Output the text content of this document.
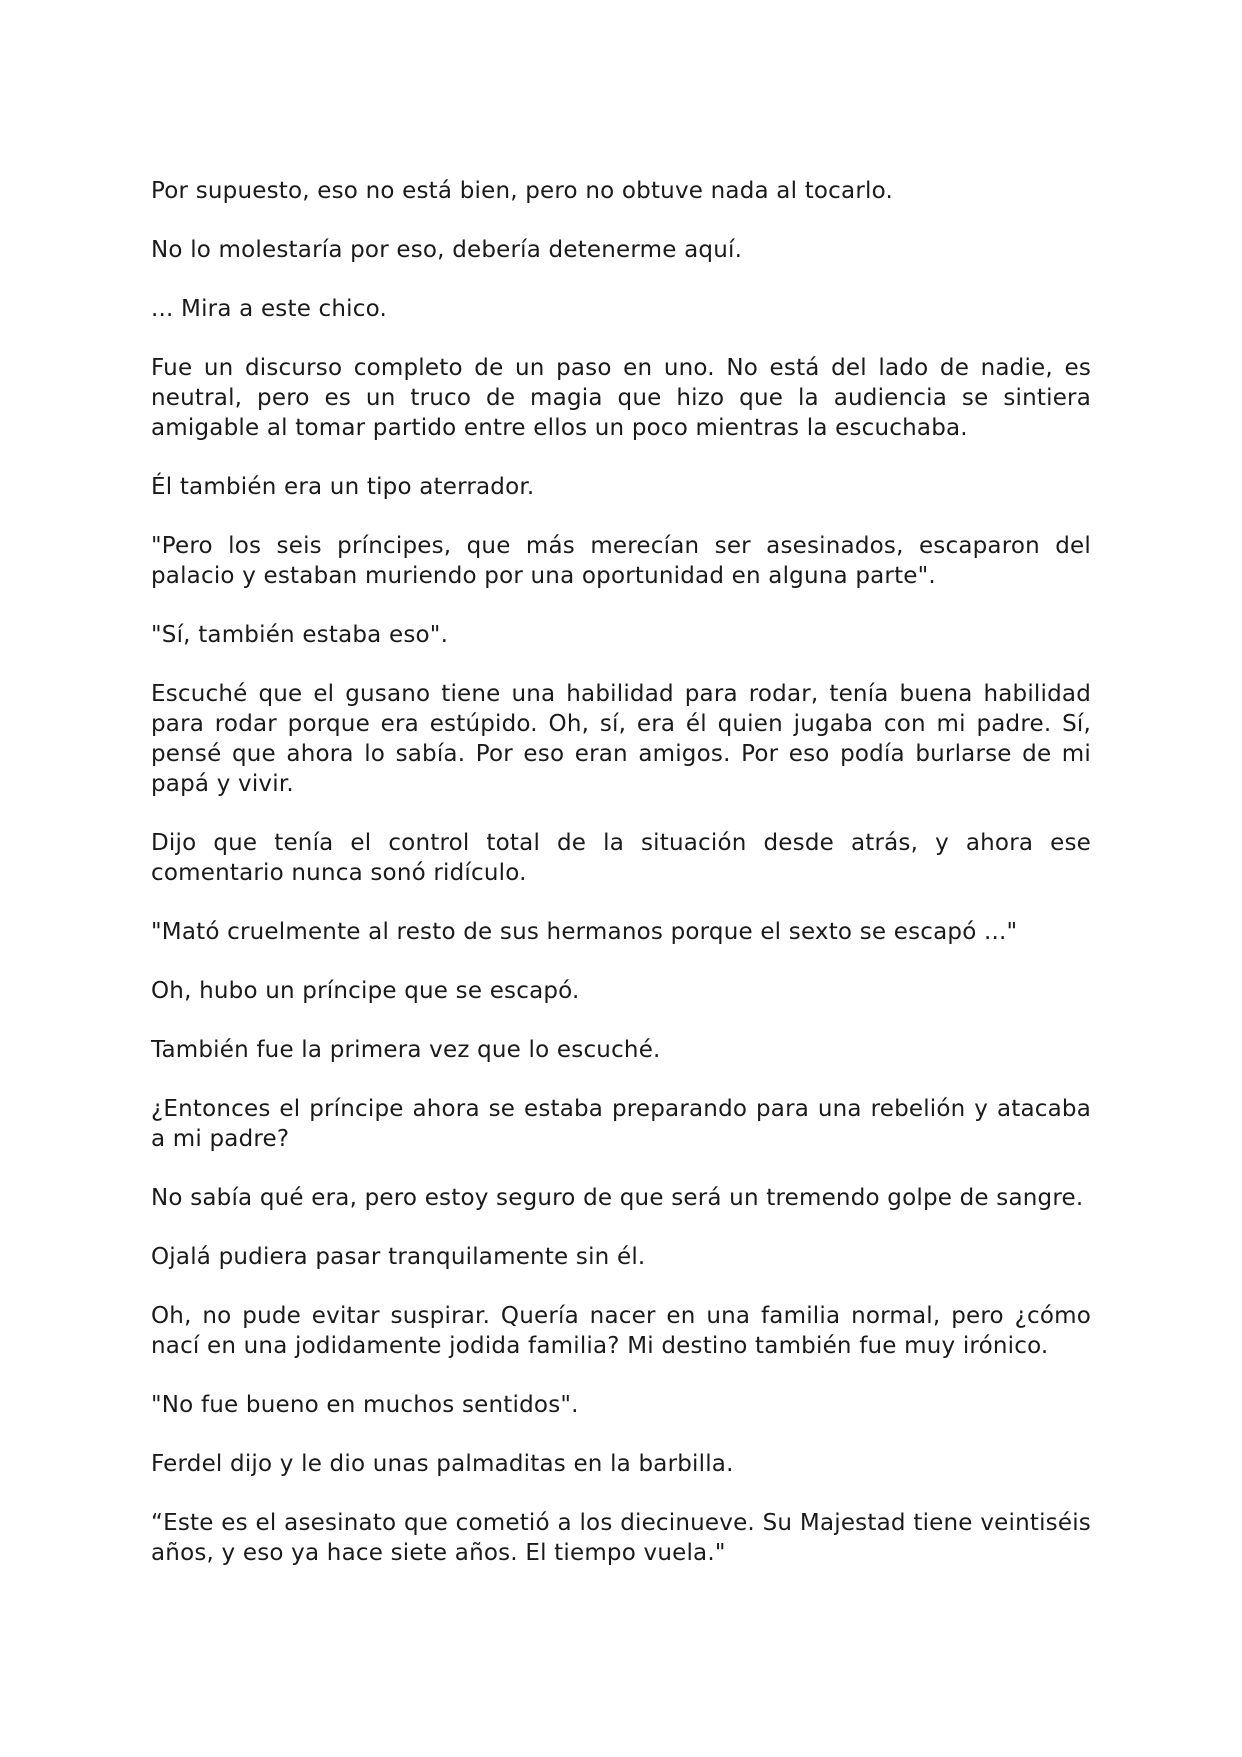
Por supuesto, eso no está bien, pero no obtuve nada al tocarlo.

No lo molestaría por eso, debería detenerme aquí.

... Mira a este chico.

Fue un discurso completo de un paso en uno. No está del lado de nadie, es neutral, pero es un truco de magia que hizo que la audiencia se sintiera amigable al tomar partido entre ellos un poco mientras la escuchaba.

Él también era un tipo aterrador.

"Pero los seis príncipes, que más merecían ser asesinados, escaparon del palacio y estaban muriendo por una oportunidad en alguna parte".

"Sí, también estaba eso".

Escuché que el gusano tiene una habilidad para rodar, tenía buena habilidad para rodar porque era estúpido. Oh, sí, era él quien jugaba con mi padre. Sí, pensé que ahora lo sabía. Por eso eran amigos. Por eso podía burlarse de mi papá y vivir.

Dijo que tenía el control total de la situación desde atrás, y ahora ese comentario nunca sonó ridículo.

"Mató cruelmente al resto de sus hermanos porque el sexto se escapó ..."

Oh, hubo un príncipe que se escapó.

También fue la primera vez que lo escuché.

¿Entonces el príncipe ahora se estaba preparando para una rebelión y atacaba a mi padre?

No sabía qué era, pero estoy seguro de que será un tremendo golpe de sangre.

Ojalá pudiera pasar tranquilamente sin él.

Oh, no pude evitar suspirar. Quería nacer en una familia normal, pero ¿cómo nací en una jodidamente jodida familia? Mi destino también fue muy irónico.

"No fue bueno en muchos sentidos".

Ferdel dijo y le dio unas palmaditas en la barbilla.

“Este es el asesinato que cometió a los diecinueve. Su Majestad tiene veintiséis años, y eso ya hace siete años. El tiempo vuela."
